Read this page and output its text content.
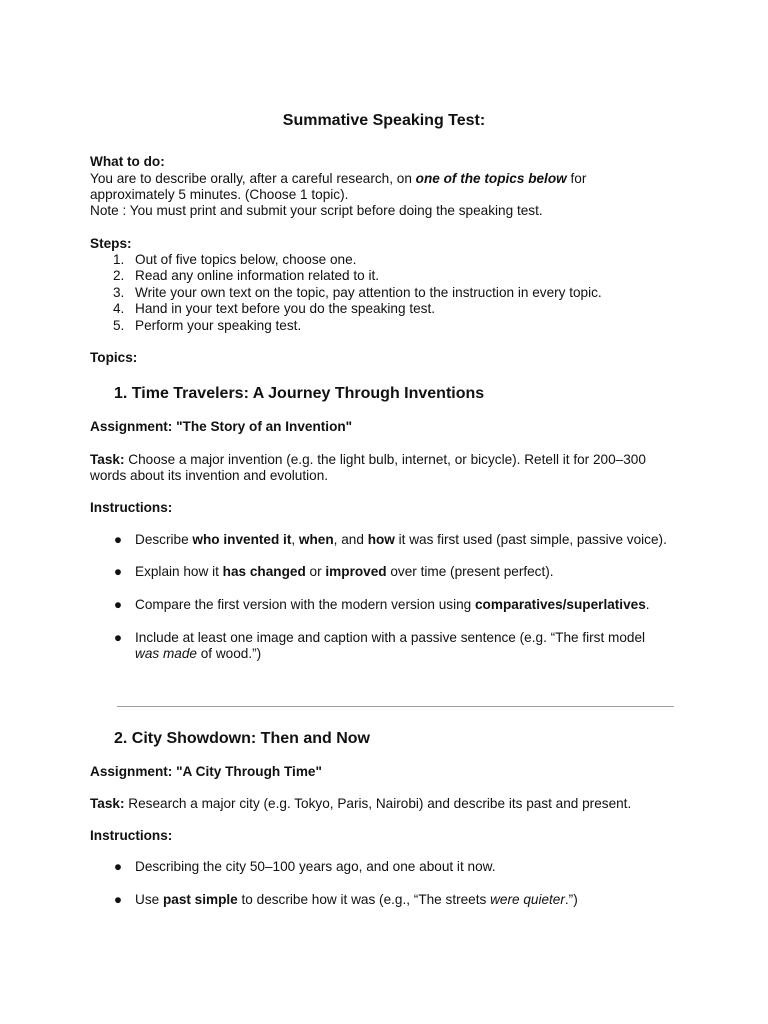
Summative Speaking Test:
What to do:
You are to describe orally, after a careful research, on one of the topics below for
approximately 5 minutes. (Choose 1 topic).
Note : You must print and submit your script before doing the speaking test.
Steps:
1. Out of five topics below, choose one.
2. Read any online information related to it.
3. Write your own text on the topic, pay attention to the instruction in every topic.
4. Hand in your text before you do the speaking test.
5. Perform your speaking test.
Topics:
1. Time Travelers: A Journey Through Inventions
Assignment: "The Story of an Invention"
Task: Choose a major invention (e.g. the light bulb, internet, or bicycle). Retell it for 200–300
words about its invention and evolution.
Instructions:
● Describe who invented it, when, and how it was first used (past simple, passive voice).
● Explain how it has changed or improved over time (present perfect).
● Compare the first version with the modern version using comparatives/superlatives.
● Include at least one image and caption with a passive sentence (e.g. “The first model
was made of wood.”)
2. City Showdown: Then and Now
Assignment: "A City Through Time"
Task: Research a major city (e.g. Tokyo, Paris, Nairobi) and describe its past and present.
Instructions:
● Describing the city 50–100 years ago, and one about it now.
● Use past simple to describe how it was (e.g., “The streets were quieter.”)
